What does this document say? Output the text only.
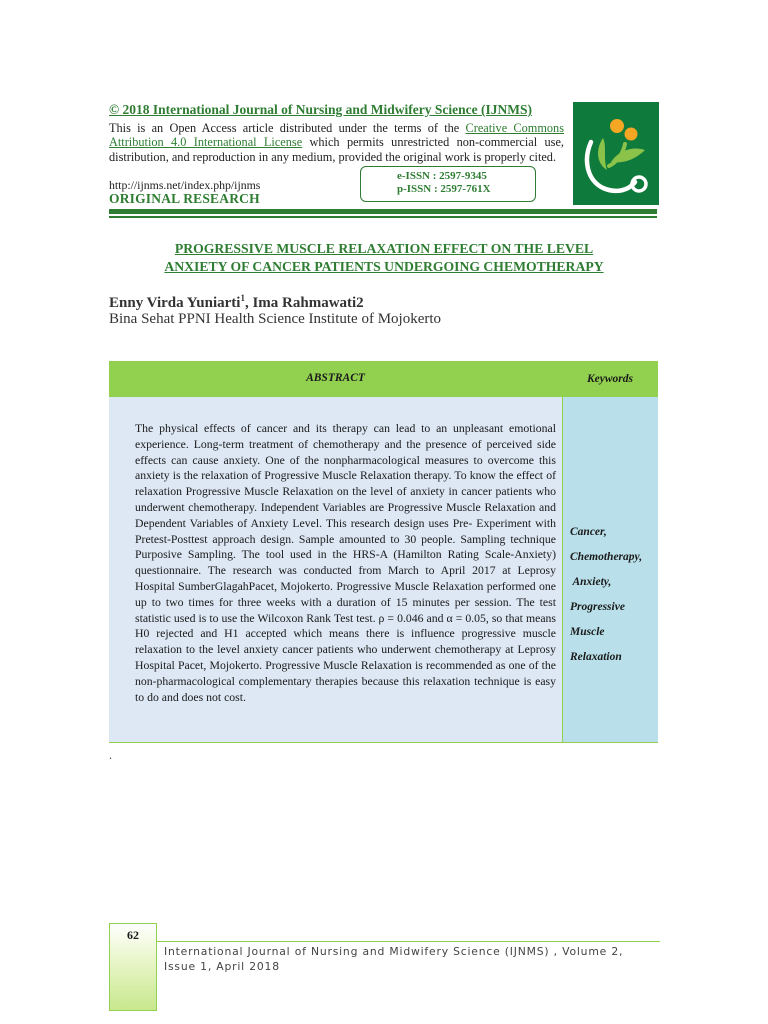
© 2018 International Journal of Nursing and Midwifery Science (IJNMS)
This is an Open Access article distributed under the terms of the Creative Commons Attribution 4.0 International License which permits unrestricted non-commercial use, distribution, and reproduction in any medium, provided the original work is properly cited.
http://ijnms.net/index.php/ijnms
ORIGINAL RESEARCH
e-ISSN : 2597-9345
p-ISSN : 2597-761X
PROGRESSIVE MUSCLE RELAXATION EFFECT ON THE LEVEL
ANXIETY OF CANCER PATIENTS UNDERGOING CHEMOTHERAPY
Enny Virda Yuniarti$^1$, Ima Rahmawati2
Bina Sehat PPNI Health Science Institute of Mojokerto
ABSTRACT	Keywords
The physical effects of cancer and its therapy can lead to an unpleasant emotional experience. Long-term treatment of chemotherapy and the presence of perceived side effects can cause anxiety. One of the nonpharmacological measures to overcome this anxiety is the relaxation of Progressive Muscle Relaxation therapy. To know the effect of relaxation Progressive Muscle Relaxation on the level of anxiety in cancer patients who underwent chemotherapy. Independent Variables are Progressive Muscle Relaxation and Dependent Variables of Anxiety Level. This research design uses Pre- Experiment with Pretest-Posttest approach design. Sample amounted to 30 people. Sampling technique Purposive Sampling. The tool used in the HRS-A (Hamilton Rating Scale-Anxiety) questionnaire. The research was conducted from March to April 2017 at Leprosy Hospital SumberGlagahPacet, Mojokerto. Progressive Muscle Relaxation performed one up to two times for three weeks with a duration of 15 minutes per session. The test statistic used is to use the Wilcoxon Rank Test test. ρ = 0.046 and α = 0.05, so that means H0 rejected and H1 accepted which means there is influence progressive muscle relaxation to the level anxiety cancer patients who underwent chemotherapy at Leprosy Hospital Pacet, Mojokerto. Progressive Muscle Relaxation is recommended as one of the non-pharmacological complementary therapies because this relaxation technique is easy to do and does not cost.
Cancer,
Chemotherapy,
Anxiety,
Progressive
Muscle
Relaxation
.
62
International Journal of Nursing and Midwifery Science (IJNMS) , Volume 2,
Issue 1, April 2018
